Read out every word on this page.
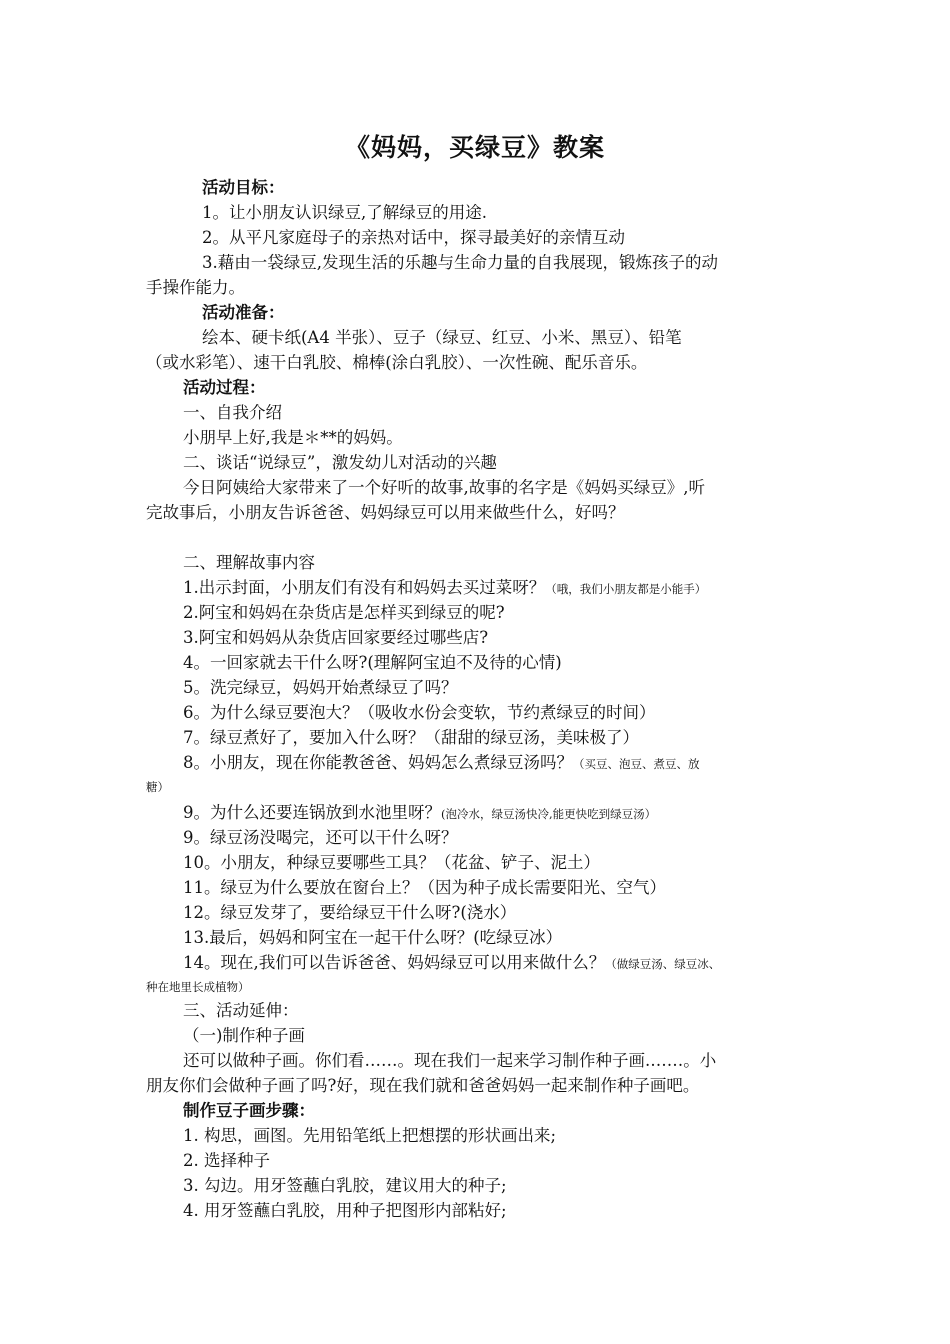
《妈妈，买绿豆》教案
活动目标：
1。让小朋友认识绿豆,了解绿豆的用途.
2。从平凡家庭母子的亲热对话中，探寻最美好的亲情互动
3.藉由一袋绿豆,发现生活的乐趣与生命力量的自我展现，锻炼孩子的动
手操作能力。
活动准备：
绘本、硬卡纸(A4 半张）、豆子（绿豆、红豆、小米、黑豆）、铅笔
（或水彩笔）、速干白乳胶、棉棒(涂白乳胶）、一次性碗、配乐音乐。
活动过程：
一、自我介绍
小朋早上好,我是＊**的妈妈。
二、谈话“说绿豆”，激发幼儿对活动的兴趣
今日阿姨给大家带来了一个好听的故事,故事的名字是《妈妈买绿豆》,听
完故事后，小朋友告诉爸爸、妈妈绿豆可以用来做些什么，好吗？
二、理解故事内容
1.出示封面，小朋友们有没有和妈妈去买过菜呀？（哦，我们小朋友都是小能手）
2.阿宝和妈妈在杂货店是怎样买到绿豆的呢?
3.阿宝和妈妈从杂货店回家要经过哪些店?
4。一回家就去干什么呀?(理解阿宝迫不及待的心情)
5。洗完绿豆，妈妈开始煮绿豆了吗？
6。为什么绿豆要泡大？（吸收水份会变软，节约煮绿豆的时间）
7。绿豆煮好了，要加入什么呀？（甜甜的绿豆汤，美味极了）
8。小朋友，现在你能教爸爸、妈妈怎么煮绿豆汤吗？（买豆、泡豆、煮豆、放
糖）
9。为什么还要连锅放到水池里呀？(泡冷水，绿豆汤快冷,能更快吃到绿豆汤）
9。绿豆汤没喝完，还可以干什么呀？
10。小朋友，种绿豆要哪些工具？（花盆、铲子、泥土）
11。绿豆为什么要放在窗台上？（因为种子成长需要阳光、空气）
12。绿豆发芽了，要给绿豆干什么呀?(浇水）
13.最后，妈妈和阿宝在一起干什么呀？(吃绿豆冰）
14。现在,我们可以告诉爸爸、妈妈绿豆可以用来做什么？（做绿豆汤、绿豆冰、
种在地里长成植物）
三、活动延伸：
（一)制作种子画
还可以做种子画。你们看……。现在我们一起来学习制作种子画.……。小
朋友你们会做种子画了吗?好，现在我们就和爸爸妈妈一起来制作种子画吧。
制作豆子画步骤：
1. 构思，画图。先用铅笔纸上把想摆的形状画出来;
2. 选择种子
3. 勾边。用牙签蘸白乳胶，建议用大的种子;
4. 用牙签蘸白乳胶，用种子把图形内部粘好;
